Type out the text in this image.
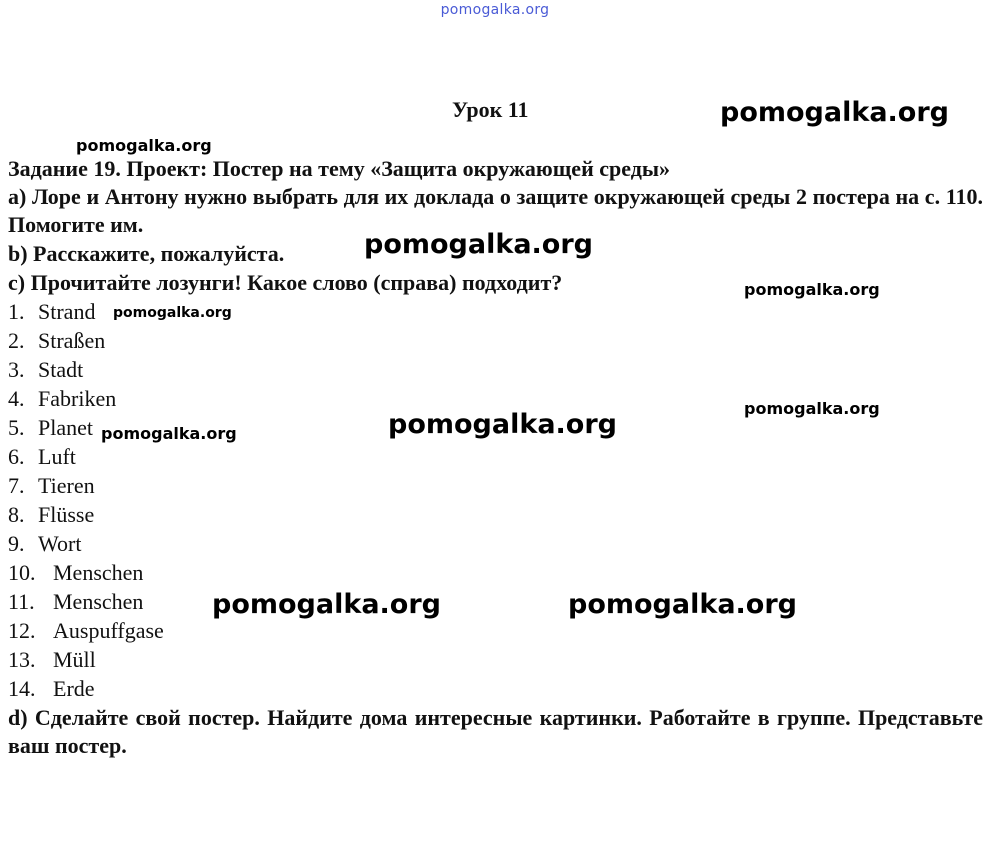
pomogalka.org
Урок 11
Задание 19. Проект: Постер на тему «Защита окружающей среды»
a) Лоре и Антону нужно выбрать для их доклада о защите окружающей среды 2 постера на с. 110. Помогите им.
b) Расскажите, пожалуйста.
c) Прочитайте лозунги! Какое слово (справа) подходит?
1. Strand
2. Straßen
3. Stadt
4. Fabriken
5. Planet
6. Luft
7. Tieren
8. Flüsse
9. Wort
10. Menschen
11. Menschen
12. Auspuffgase
13. Müll
14. Erde
d) Сделайте свой постер. Найдите дома интересные картинки. Работайте в группе. Представьте ваш постер.
pomogalka.org
pomogalka.org
pomogalka.org
pomogalka.org
pomogalka.org
pomogalka.org
pomogalka.org
pomogalka.org
pomogalka.org	pomogalka.org
